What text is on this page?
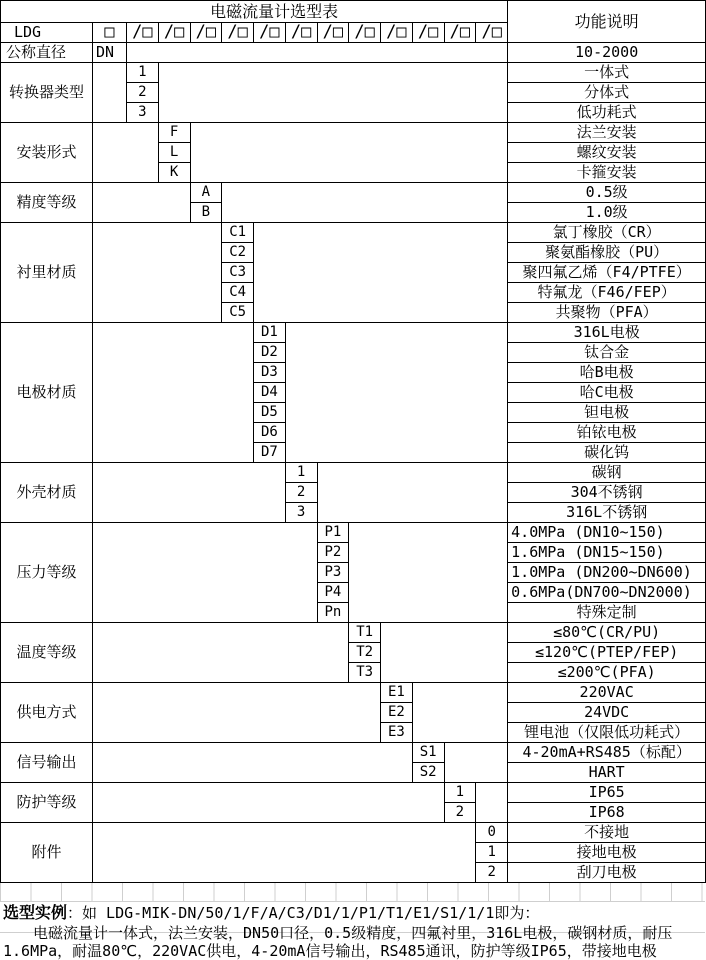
电磁流量计选型表														功能说明
LDG	□	/□	/□	/□	/□	/□	/□	/□	/□	/□	/□	/□	/□	
公称直径	DN													10-2000
转换器类型		1												一体式
		2												分体式
		3												低功耗式
安装形式			F											法兰安装
			L											螺纹安装
			K											卡箍安装
精度等级				A										0.5级
				B										1.0级
衬里材质					C1									氯丁橡胶（CR）
					C2									聚氨酯橡胶（PU）
					C3									聚四氟乙烯（F4/PTFE）
					C4									特氟龙（F46/FEP）
					C5									共聚物（PFA）
电极材质						D1								316L电极
						D2								钛合金
						D3								哈B电极
						D4								哈C电极
						D5								钽电极
						D6								铂铱电极
						D7								碳化钨
外壳材质							1							碳钢
							2							304不锈钢
							3							316L不锈钢
压力等级								P1						4.0MPa (DN10~150)
								P2						1.6MPa (DN15~150)
								P3						1.0MPa (DN200~DN600)
								P4						0.6MPa(DN700~DN2000)
								Pn						特殊定制
温度等级									T1					≤80℃(CR/PU)
									T2					≤120℃(PTEP/FEP)
									T3					≤200℃(PFA)
供电方式										E1				220VAC
										E2				24VDC
										E3				锂电池（仅限低功耗式）
信号输出											S1			4-20mA+RS485（标配）
											S2			HART
防护等级												1		IP65
												2		IP68
附件													0	不接地
													1	接地电极
													2	刮刀电极
选型实例：如 LDG-MIK-DN/50/1/F/A/C3/D1/1/P1/T1/E1/S1/1/1即为：
电磁流量计一体式，法兰安装，DN50口径，0.5级精度，四氟衬里，316L电极，碳钢材质，耐压
1.6MPa，耐温80℃，220VAC供电，4-20mA信号输出，RS485通讯，防护等级IP65，带接地电极
